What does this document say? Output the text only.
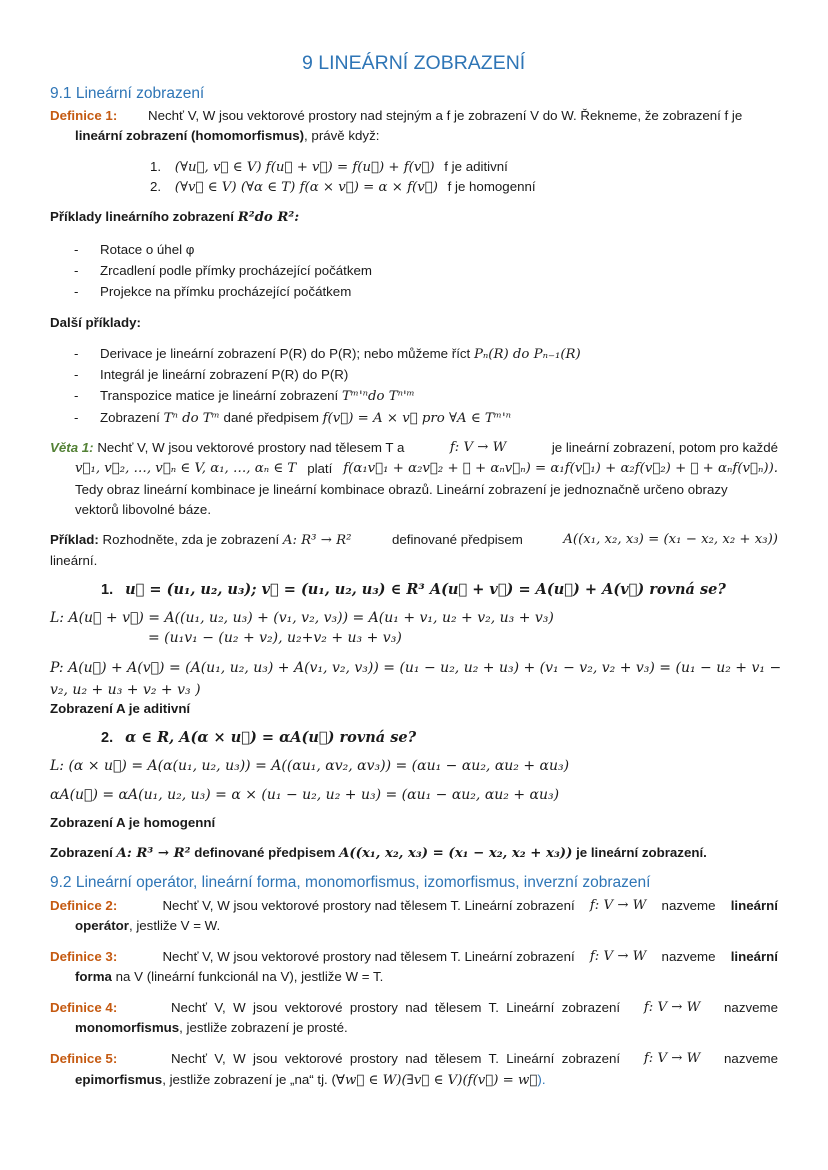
9 LINEÁRNÍ ZOBRAZENÍ
9.1 Lineární zobrazení
Definice 1: Nechť V, W jsou vektorové prostory nad stejným a f je zobrazení V do W. Řekneme, že zobrazení f je
lineární zobrazení (homomorfismus), právě když:
1. (∀u⃗, v⃗ ∈ V) f(u⃗ + v⃗) = f(u⃗) + f(v⃗) f je aditivní
2. (∀v⃗ ∈ V) (∀α ∈ T) f(α × v⃗) = α × f(v⃗) f je homogenní
Příklady lineárního zobrazení R²do R²:
- Rotace o úhel φ
- Zrcadlení podle přímky procházející počátkem
- Projekce na přímku procházející počátkem
Další příklady:
- Derivace je lineární zobrazení P(R) do P(R); nebo můžeme říct Pₙ(R) do Pₙ₋₁(R)
- Integrál je lineární zobrazení P(R) do P(R)
- Transpozice matice je lineární zobrazení Tᵐ'ⁿdo Tⁿ'ᵐ
- Zobrazení Tⁿ do Tᵐ dané předpisem f(v⃗) = A × v⃗ pro ∀A ∈ Tᵐ'ⁿ
Věta 1: Nechť V, W jsou vektorové prostory nad tělesem T a	f: V → W	je lineární zobrazení, potom pro každé
v⃗₁, v⃗₂, …, v⃗ₙ ∈ V, α₁, …, αₙ ∈ T platí f(α₁v⃗₁ + α₂v⃗₂ + ⋯ + αₙv⃗ₙ) = α₁f(v⃗₁) + α₂f(v⃗₂) + ⋯ + αₙf(v⃗ₙ)).
Tedy obraz lineární kombinace je lineární kombinace obrazů. Lineární zobrazení je jednoznačně určeno obrazy
vektorů libovolné báze.
Příklad: Rozhodněte, zda je zobrazení A: R³ → R²	definované předpisem	A((x₁, x₂, x₃) = (x₁ − x₂, x₂ + x₃))
lineární.
1. u⃗ = (u₁, u₂, u₃); v⃗ = (u₁, u₂, u₃) ∈ R³ A(u⃗ + v⃗) = A(u⃗) + A(v⃗) rovná se?
L: A(u⃗ + v⃗) = A((u₁, u₂, u₃) + (v₁, v₂, v₃)) = A(u₁ + v₁, u₂ + v₂, u₃ + v₃)
= (u₁v₁ − (u₂ + v₂), u₂+v₂ + u₃ + v₃)
P: A(u⃗) + A(v⃗) = (A(u₁, u₂, u₃) + A(v₁, v₂, v₃)) = (u₁ − u₂, u₂ + u₃) + (v₁ − v₂, v₂ + v₃) = (u₁ − u₂ + v₁ −
v₂, u₂ + u₃ + v₂ + v₃ )
Zobrazení A je aditivní
2. α ∈ R, A(α × u⃗) = αA(u⃗) rovná se?
L: (α × u⃗) = A(α(u₁, u₂, u₃)) = A((αu₁, αv₂, αv₃)) = (αu₁ − αu₂, αu₂ + αu₃)
αA(u⃗) = αA(u₁, u₂, u₃) = α × (u₁ − u₂, u₂ + u₃) = (αu₁ − αu₂, αu₂ + αu₃)
Zobrazení A je homogenní
Zobrazení A: R³ → R² definované předpisem A((x₁, x₂, x₃) = (x₁ − x₂, x₂ + x₃)) je lineární zobrazení.
9.2 Lineární operátor, lineární forma, monomorfismus, izomorfismus, inverzní zobrazení
Definice 2:	Nechť V, W jsou vektorové prostory nad tělesem T. Lineární zobrazení f: V → W nazveme lineární
operátor, jestliže V = W.
Definice 3:	Nechť V, W jsou vektorové prostory nad tělesem T. Lineární zobrazení f: V → W nazveme lineární
forma na V (lineární funkcionál na V), jestliže W = T.
Definice 4:	Nechť  V,  W  jsou  vektorové  prostory  nad  tělesem  T.  Lineární  zobrazení f: V → W nazveme
monomorfismus, jestliže zobrazení je prosté.
Definice 5:	Nechť  V,  W  jsou  vektorové  prostory  nad  tělesem  T.  Lineární  zobrazení f: V → W nazveme
epimorfismus, jestliže zobrazení je „na“ tj. (∀w⃗ ∈ W)(∃v⃗ ∈ V)(f(v⃗) = w⃗).
